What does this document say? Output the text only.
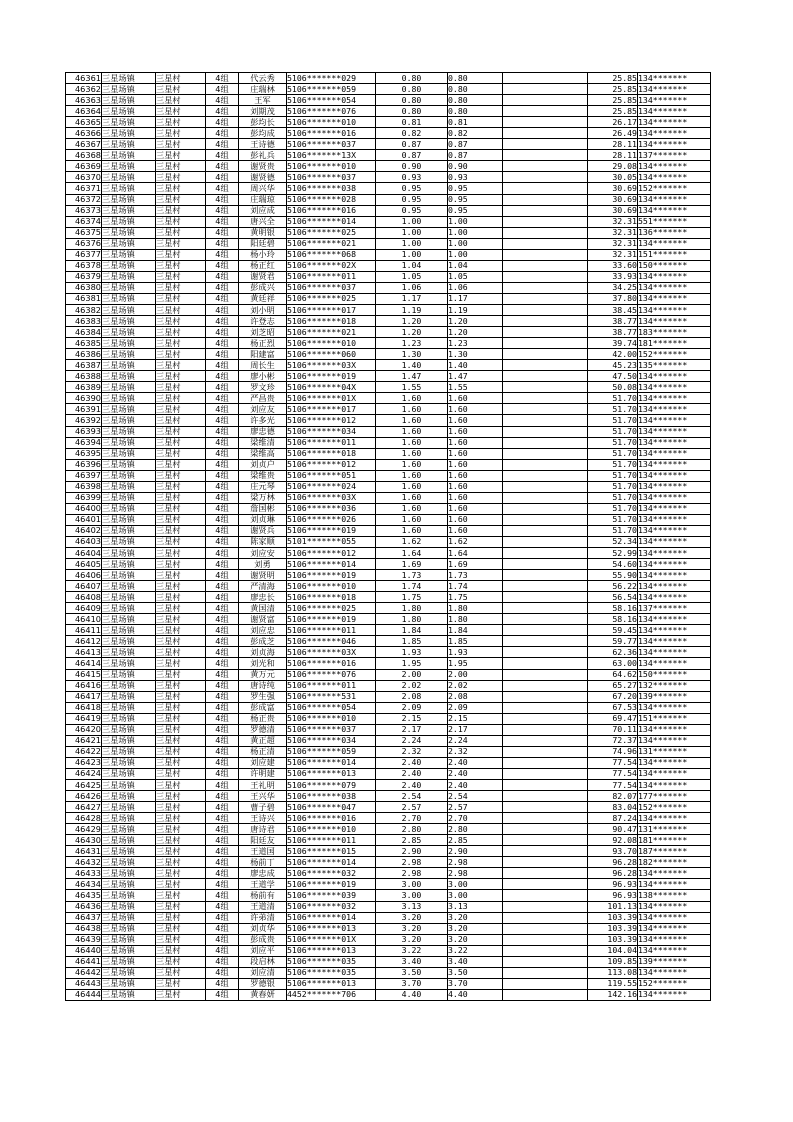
46361	三星场镇	三星村	4组	代云秀	5106*******029	0.80	0.80		25.85	134*******
46362	三星场镇	三星村	4组	庄瑞林	5106*******059	0.80	0.80		25.85	134*******
46363	三星场镇	三星村	4组	王军	5106*******054	0.80	0.80		25.85	134*******
46364	三星场镇	三星村	4组	刘期茂	5106*******076	0.80	0.80		25.85	134*******
46365	三星场镇	三星村	4组	彭均长	5106*******010	0.81	0.81		26.17	134*******
46366	三星场镇	三星村	4组	彭均成	5106*******016	0.82	0.82		26.49	134*******
46367	三星场镇	三星村	4组	王诗德	5106*******037	0.87	0.87		28.11	134*******
46368	三星场镇	三星村	4组	彭礼兵	5106*******13X	0.87	0.87		28.11	137*******
46369	三星场镇	三星村	4组	谢贤贵	5106*******010	0.90	0.90		29.08	134*******
46370	三星场镇	三星村	4组	谢贤德	5106*******037	0.93	0.93		30.05	134*******
46371	三星场镇	三星村	4组	周兴华	5106*******038	0.95	0.95		30.69	152*******
46372	三星场镇	三星村	4组	庄瑞琼	5106*******028	0.95	0.95		30.69	134*******
46373	三星场镇	三星村	4组	刘应成	5106*******016	0.95	0.95		30.69	134*******
46374	三星场镇	三星村	4组	唐兴全	5106*******014	1.00	1.00		32.31	551*******
46375	三星场镇	三星村	4组	黄明银	5106*******025	1.00	1.00		32.31	136*******
46376	三星场镇	三星村	4组	阳廷碧	5106*******021	1.00	1.00		32.31	134*******
46377	三星场镇	三星村	4组	杨小玲	5106*******068	1.00	1.00		32.31	151*******
46378	三星场镇	三星村	4组	杨正红	5106*******02X	1.04	1.04		33.60	150*******
46379	三星场镇	三星村	4组	谢贤君	5106*******011	1.05	1.05		33.93	134*******
46380	三星场镇	三星村	4组	彭成兴	5106*******037	1.06	1.06		34.25	134*******
46381	三星场镇	三星村	4组	黄廷祥	5106*******025	1.17	1.17		37.80	134*******
46382	三星场镇	三星村	4组	刘小明	5106*******017	1.19	1.19		38.45	134*******
46383	三星场镇	三星村	4组	许登志	5106*******018	1.20	1.20		38.77	134*******
46384	三星场镇	三星村	4组	刘芝昭	5106*******021	1.20	1.20		38.77	183*******
46385	三星场镇	三星村	4组	杨正烈	5106*******010	1.23	1.23		39.74	181*******
46386	三星场镇	三星村	4组	阳建富	5106*******060	1.30	1.30		42.00	152*******
46387	三星场镇	三星村	4组	周长生	5106*******03X	1.40	1.40		45.23	135*******
46388	三星场镇	三星村	4组	廖小彬	5106*******019	1.47	1.47		47.50	134*******
46389	三星场镇	三星村	4组	罗文珍	5106*******04X	1.55	1.55		50.08	134*******
46390	三星场镇	三星村	4组	严昌贵	5106*******01X	1.60	1.60		51.70	134*******
46391	三星场镇	三星村	4组	刘应友	5106*******017	1.60	1.60		51.70	134*******
46392	三星场镇	三星村	4组	许多光	5106*******012	1.60	1.60		51.70	134*******
46393	三星场镇	三星村	4组	廖忠德	5106*******034	1.60	1.60		51.70	134*******
46394	三星场镇	三星村	4组	梁维清	5106*******011	1.60	1.60		51.70	134*******
46395	三星场镇	三星村	4组	梁维高	5106*******018	1.60	1.60		51.70	134*******
46396	三星场镇	三星村	4组	刘贞户	5106*******012	1.60	1.60		51.70	134*******
46397	三星场镇	三星村	4组	梁维贵	5106*******051	1.60	1.60		51.70	134*******
46398	三星场镇	三星村	4组	庄元琴	5106*******024	1.60	1.60		51.70	134*******
46399	三星场镇	三星村	4组	梁万林	5106*******03X	1.60	1.60		51.70	134*******
46400	三星场镇	三星村	4组	詹国彬	5106*******036	1.60	1.60		51.70	134*******
46401	三星场镇	三星村	4组	刘贞琳	5106*******026	1.60	1.60		51.70	134*******
46402	三星场镇	三星村	4组	谢贤兵	5106*******019	1.60	1.60		51.70	134*******
46403	三星场镇	三星村	4组	陈家顺	5101*******055	1.62	1.62		52.34	134*******
46404	三星场镇	三星村	4组	刘应安	5106*******012	1.64	1.64		52.99	134*******
46405	三星场镇	三星村	4组	刘勇	5106*******014	1.69	1.69		54.60	134*******
46406	三星场镇	三星村	4组	谢贤明	5106*******019	1.73	1.73		55.90	134*******
46407	三星场镇	三星村	4组	严清海	5106*******010	1.74	1.74		56.22	134*******
46408	三星场镇	三星村	4组	廖忠长	5106*******018	1.75	1.75		56.54	134*******
46409	三星场镇	三星村	4组	黄国清	5106*******025	1.80	1.80		58.16	137*******
46410	三星场镇	三星村	4组	谢贤富	5106*******019	1.80	1.80		58.16	134*******
46411	三星场镇	三星村	4组	刘应忠	5106*******011	1.84	1.84		59.45	134*******
46412	三星场镇	三星村	4组	彭成芝	5106*******046	1.85	1.85		59.77	134*******
46413	三星场镇	三星村	4组	刘贞海	5106*******03X	1.93	1.93		62.36	134*******
46414	三星场镇	三星村	4组	刘光和	5106*******016	1.95	1.95		63.00	134*******
46415	三星场镇	三星村	4组	黄万元	5106*******076	2.00	2.00		64.62	150*******
46416	三星场镇	三星村	4组	唐诗纯	5106*******011	2.02	2.02		65.27	132*******
46417	三星场镇	三星村	4组	罗生强	5106*******531	2.08	2.08		67.20	139*******
46418	三星场镇	三星村	4组	彭成富	5106*******054	2.09	2.09		67.53	134*******
46419	三星场镇	三星村	4组	杨正贵	5106*******010	2.15	2.15		69.47	151*******
46420	三星场镇	三星村	4组	罗德清	5106*******037	2.17	2.17		70.11	134*******
46421	三星场镇	三星村	4组	黄正超	5106*******034	2.24	2.24		72.37	134*******
46422	三星场镇	三星村	4组	杨正清	5106*******059	2.32	2.32		74.96	131*******
46423	三星场镇	三星村	4组	刘应建	5106*******014	2.40	2.40		77.54	134*******
46424	三星场镇	三星村	4组	许明建	5106*******013	2.40	2.40		77.54	134*******
46425	三星场镇	三星村	4组	王礼明	5106*******079	2.40	2.40		77.54	134*******
46426	三星场镇	三星村	4组	王兴华	5106*******038	2.54	2.54		82.07	177*******
46427	三星场镇	三星村	4组	曹子碧	5106*******047	2.57	2.57		83.04	152*******
46428	三星场镇	三星村	4组	王诗兴	5106*******016	2.70	2.70		87.24	134*******
46429	三星场镇	三星村	4组	唐诗君	5106*******010	2.80	2.80		90.47	131*******
46430	三星场镇	三星村	4组	阳廷友	5106*******011	2.85	2.85		92.08	181*******
46431	三星场镇	三星村	4组	王道国	5106*******015	2.90	2.90		93.70	187*******
46432	三星场镇	三星村	4组	杨前丁	5106*******014	2.98	2.98		96.28	182*******
46433	三星场镇	三星村	4组	廖忠成	5106*******032	2.98	2.98		96.28	134*******
46434	三星场镇	三星村	4组	王道学	5106*******019	3.00	3.00		96.93	134*******
46435	三星场镇	三星村	4组	杨前有	5106*******039	3.00	3.00		96.93	138*******
46436	三星场镇	三星村	4组	王道清	5106*******032	3.13	3.13		101.13	134*******
46437	三星场镇	三星村	4组	许弟清	5106*******014	3.20	3.20		103.39	134*******
46438	三星场镇	三星村	4组	刘贞华	5106*******013	3.20	3.20		103.39	134*******
46439	三星场镇	三星村	4组	彭成贵	5106*******01X	3.20	3.20		103.39	134*******
46440	三星场镇	三星村	4组	刘应平	5106*******013	3.22	3.22		104.04	134*******
46441	三星场镇	三星村	4组	段启林	5106*******035	3.40	3.40		109.85	139*******
46442	三星场镇	三星村	4组	刘应清	5106*******035	3.50	3.50		113.08	134*******
46443	三星场镇	三星村	4组	罗德银	5106*******013	3.70	3.70		119.55	152*******
46444	三星场镇	三星村	4组	黄春妍	4452*******706	4.40	4.40		142.16	134*******
